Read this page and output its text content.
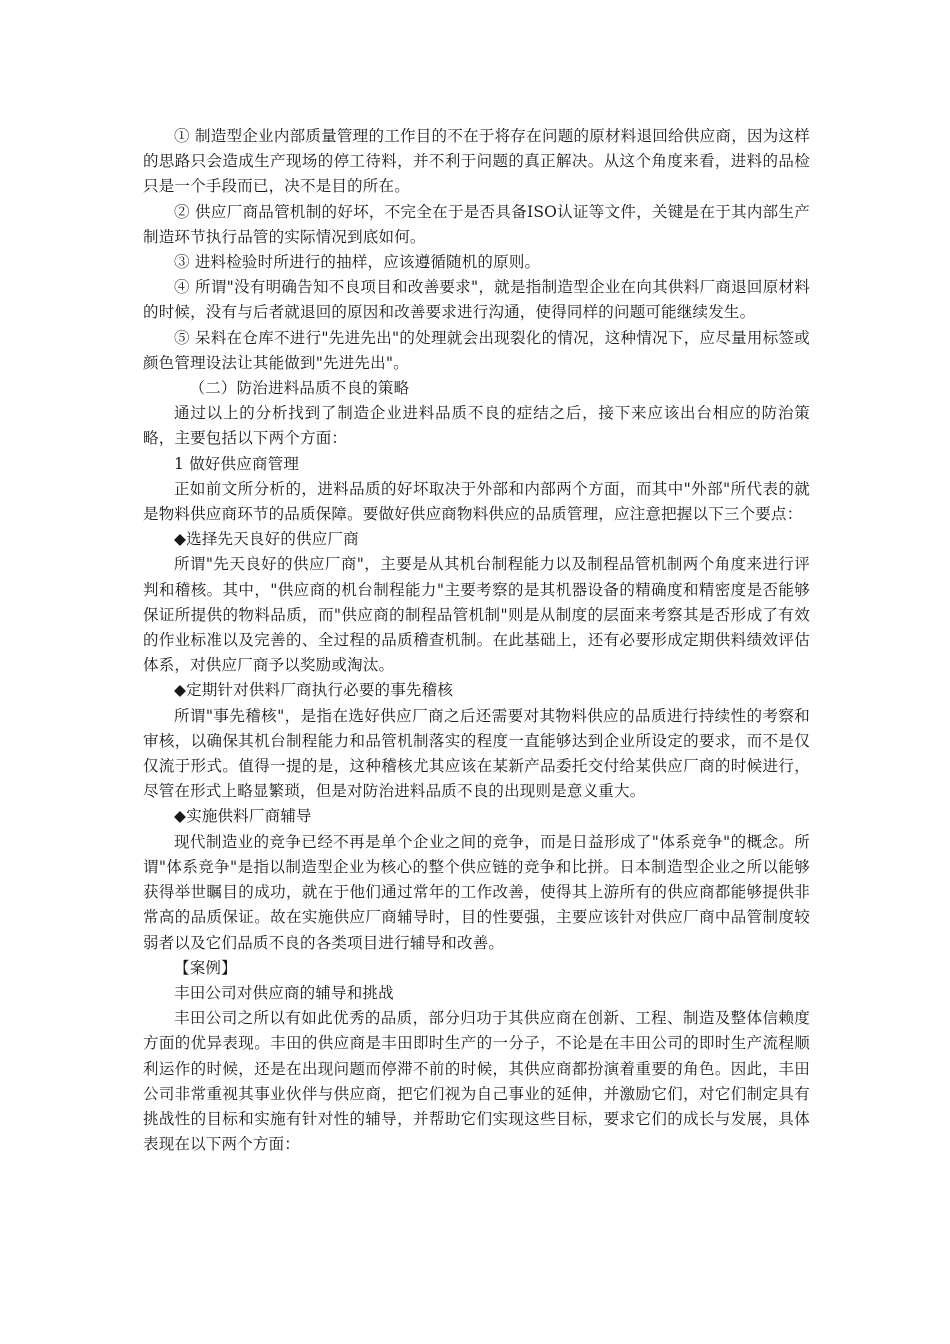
① 制造型企业内部质量管理的工作目的不在于将存在问题的原材料退回给供应商，因为这样的思路只会造成生产现场的停工待料，并不利于问题的真正解决。从这个角度来看，进料的品检只是一个手段而已，决不是目的所在。

② 供应厂商品管机制的好坏，不完全在于是否具备ISO认证等文件，关键是在于其内部生产制造环节执行品管的实际情况到底如何。

③ 进料检验时所进行的抽样，应该遵循随机的原则。

④ 所谓"没有明确告知不良项目和改善要求"，就是指制造型企业在向其供料厂商退回原材料的时候，没有与后者就退回的原因和改善要求进行沟通，使得同样的问题可能继续发生。

⑤ 呆料在仓库不进行"先进先出"的处理就会出现裂化的情况，这种情况下，应尽量用标签或颜色管理设法让其能做到"先进先出"。

（二）防治进料品质不良的策略

通过以上的分析找到了制造企业进料品质不良的症结之后，接下来应该出台相应的防治策略，主要包括以下两个方面：

1 做好供应商管理

正如前文所分析的，进料品质的好坏取决于外部和内部两个方面，而其中"外部"所代表的就是物料供应商环节的品质保障。要做好供应商物料供应的品质管理，应注意把握以下三个要点：

◆选择先天良好的供应厂商

所谓"先天良好的供应厂商"，主要是从其机台制程能力以及制程品管机制两个角度来进行评判和稽核。其中，"供应商的机台制程能力"主要考察的是其机器设备的精确度和精密度是否能够保证所提供的物料品质，而"供应商的制程品管机制"则是从制度的层面来考察其是否形成了有效的作业标准以及完善的、全过程的品质稽查机制。在此基础上，还有必要形成定期供料绩效评估体系，对供应厂商予以奖励或淘汰。

◆定期针对供料厂商执行必要的事先稽核

所谓"事先稽核"，是指在选好供应厂商之后还需要对其物料供应的品质进行持续性的考察和审核，以确保其机台制程能力和品管机制落实的程度一直能够达到企业所设定的要求，而不是仅仅流于形式。值得一提的是，这种稽核尤其应该在某新产品委托交付给某供应厂商的时候进行，尽管在形式上略显繁琐，但是对防治进料品质不良的出现则是意义重大。

◆实施供料厂商辅导

现代制造业的竞争已经不再是单个企业之间的竞争，而是日益形成了"体系竞争"的概念。所谓"体系竞争"是指以制造型企业为核心的整个供应链的竞争和比拼。日本制造型企业之所以能够获得举世瞩目的成功，就在于他们通过常年的工作改善，使得其上游所有的供应商都能够提供非常高的品质保证。故在实施供应厂商辅导时，目的性要强，主要应该针对供应厂商中品管制度较弱者以及它们品质不良的各类项目进行辅导和改善。

【案例】

丰田公司对供应商的辅导和挑战

丰田公司之所以有如此优秀的品质，部分归功于其供应商在创新、工程、制造及整体信赖度方面的优异表现。丰田的供应商是丰田即时生产的一分子，不论是在丰田公司的即时生产流程顺利运作的时候，还是在出现问题而停滞不前的时候，其供应商都扮演着重要的角色。因此，丰田公司非常重视其事业伙伴与供应商，把它们视为自己事业的延伸，并激励它们，对它们制定具有挑战性的目标和实施有针对性的辅导，并帮助它们实现这些目标，要求它们的成长与发展，具体表现在以下两个方面：
